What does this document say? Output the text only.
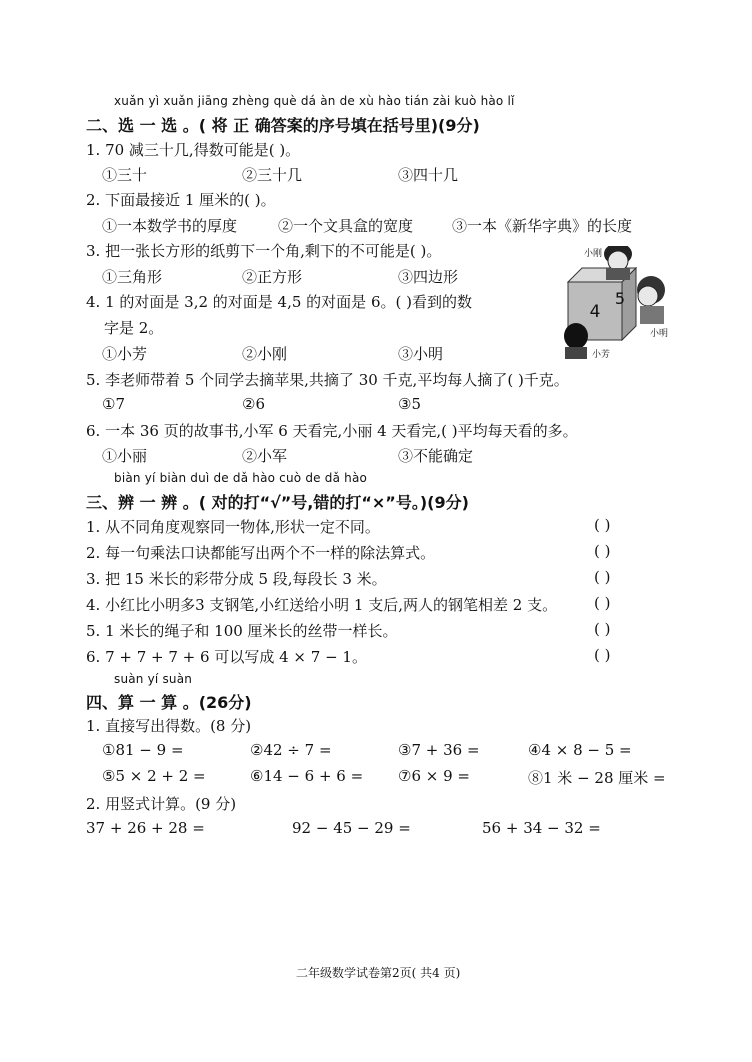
xuǎn yì xuǎn jiāng zhèng què dá àn de xù hào tián zài kuò hào lǐ
二、选 一 选 。( 将 正 确答案的序号填在括号里)(9分)
1. 70 减三十几,得数可能是( )。
①三十	②三十几	③四十几
2. 下面最接近 1 厘米的( )。
①一本数学书的厚度	②一个文具盒的宽度	③一本《新华字典》的长度
3. 把一张长方形的纸剪下一个角,剩下的不可能是( )。
①三角形	②正方形	③四边形
4. 1 的对面是 3,2 的对面是 4,5 的对面是 6。( )看到的数
字是 2。
①小芳	②小刚	③小明
4
5
小刚
小明
小芳
5. 李老师带着 5 个同学去摘苹果,共摘了 30 千克,平均每人摘了( )千克。
①7	②6	③5
6. 一本 36 页的故事书,小军 6 天看完,小丽 4 天看完,( )平均每天看的多。
①小丽	②小军	③不能确定
biàn yí biàn duì de dǎ hào cuò de dǎ hào
三、辨 一 辨 。( 对的打“√”号,错的打“×”号。)(9分)
1. 从不同角度观察同一物体,形状一定不同。	( )
2. 每一句乘法口诀都能写出两个不一样的除法算式。	( )
3. 把 15 米长的彩带分成 5 段,每段长 3 米。	( )
4. 小红比小明多3 支钢笔,小红送给小明 1 支后,两人的钢笔相差 2 支。 ( )
5. 1 米长的绳子和 100 厘米长的丝带一样长。	( )
6. 7 + 7 + 7 + 6 可以写成 4 × 7 − 1。	( )
suàn yí suàn
四、算 一 算 。(26分)
1. 直接写出得数。(8 分)
①81 − 9 =	②42 ÷ 7 =	③7 + 36 =	④4 × 8 − 5 =
⑤5 × 2 + 2 =	⑥14 − 6 + 6 = ⑦6 × 9 =	⑧1 米 − 28 厘米 =
2. 用竖式计算。(9 分)
37 + 26 + 28 =	92 − 45 − 29 =	56 + 34 − 32 =
二年级数学试卷第2页( 共4 页)
